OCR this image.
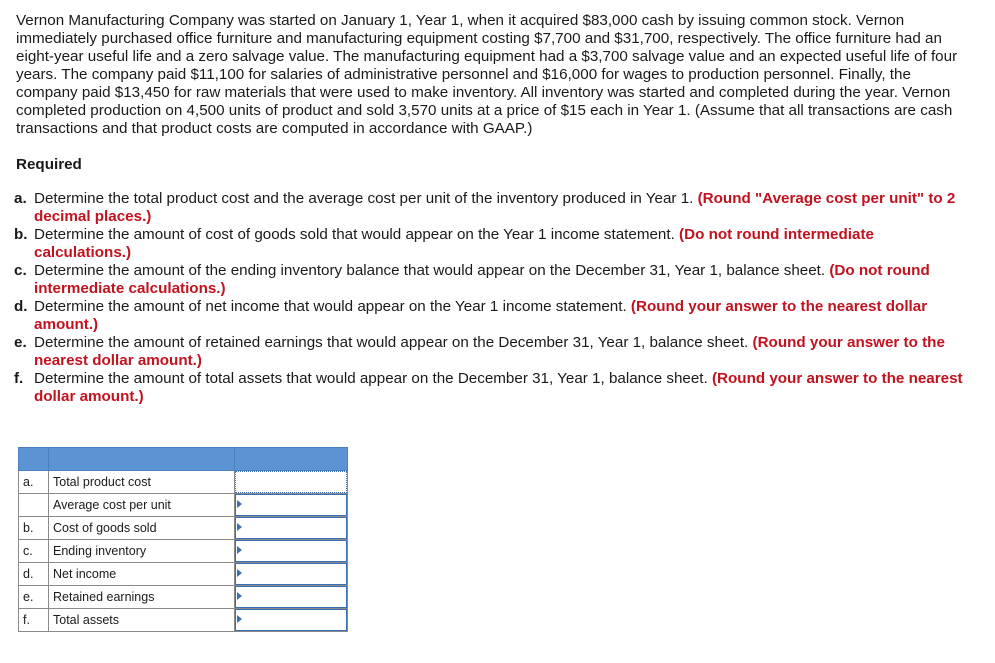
Vernon Manufacturing Company was started on January 1, Year 1, when it acquired $83,000 cash by issuing common stock. Vernon immediately purchased office furniture and manufacturing equipment costing $7,700 and $31,700, respectively. The office furniture had an eight-year useful life and a zero salvage value. The manufacturing equipment had a $3,700 salvage value and an expected useful life of four years. The company paid $11,100 for salaries of administrative personnel and $16,000 for wages to production personnel. Finally, the company paid $13,450 for raw materials that were used to make inventory. All inventory was started and completed during the year. Vernon completed production on 4,500 units of product and sold 3,570 units at a price of $15 each in Year 1. (Assume that all transactions are cash transactions and that product costs are computed in accordance with GAAP.)

Required

a. Determine the total product cost and the average cost per unit of the inventory produced in Year 1. (Round "Average cost per unit" to 2 decimal places.)
b. Determine the amount of cost of goods sold that would appear on the Year 1 income statement. (Do not round intermediate calculations.)
c. Determine the amount of the ending inventory balance that would appear on the December 31, Year 1, balance sheet. (Do not round intermediate calculations.)
d. Determine the amount of net income that would appear on the Year 1 income statement. (Round your answer to the nearest dollar amount.)
e. Determine the amount of retained earnings that would appear on the December 31, Year 1, balance sheet. (Round your answer to the nearest dollar amount.)
f. Determine the amount of total assets that would appear on the December 31, Year 1, balance sheet. (Round your answer to the nearest dollar amount.)

a.	Total product cost	

	Average cost per unit	

b.	Cost of goods sold	

c.	Ending inventory	

d.	Net income	

e.	Retained earnings	

f.	Total assets	
